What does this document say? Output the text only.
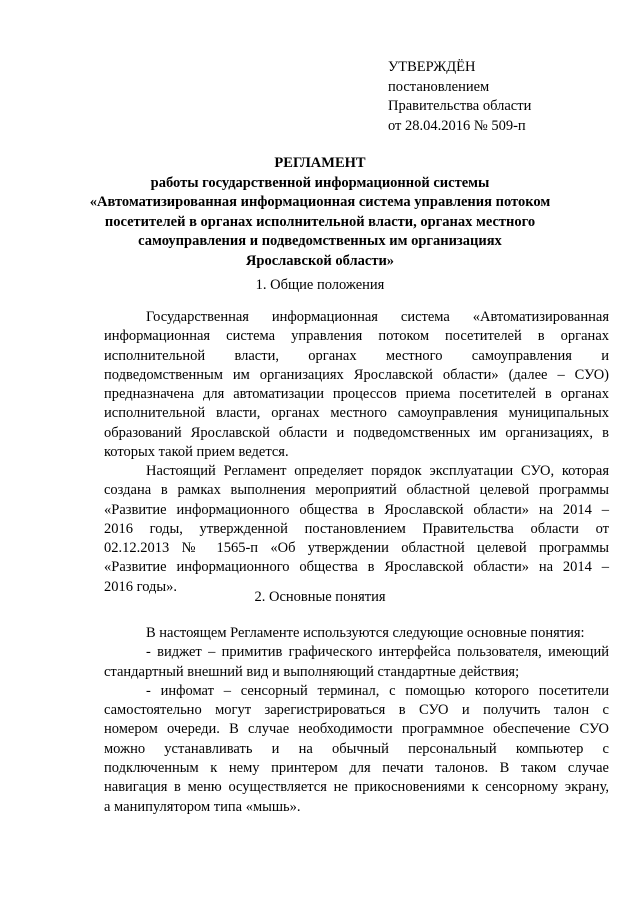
УТВЕРЖДЁН
постановлением
Правительства области
от 28.04.2016 № 509-п
РЕГЛАМЕНТ
работы государственной информационной системы
«Автоматизированная информационная система управления потоком
посетителей в органах исполнительной власти, органах местного
самоуправления и подведомственных им организациях
Ярославской области»
1. Общие положения
Государственная информационная система «Автоматизированная
информационная система управления потоком посетителей в органах
исполнительной власти, органах местного самоуправления и
подведомственным им организациях Ярославской области» (далее – СУО)
предназначена для автоматизации процессов приема посетителей в органах
исполнительной власти, органах местного самоуправления муниципальных
образований Ярославской области и подведомственных им организациях, в
которых такой прием ведется.
Настоящий Регламент определяет порядок эксплуатации СУО, которая
создана в рамках выполнения мероприятий областной целевой программы
«Развитие информационного общества в Ярославской области» на 2014 –
2016 годы, утвержденной постановлением Правительства области от
02.12.2013 № 1565-п «Об утверждении областной целевой программы
«Развитие информационного общества в Ярославской области» на 2014 –
2016 годы».
2. Основные понятия
В настоящем Регламенте используются следующие основные понятия:
- виджет – примитив графического интерфейса пользователя, имеющий
стандартный внешний вид и выполняющий стандартные действия;
- инфомат – сенсорный терминал, с помощью которого посетители
самостоятельно могут зарегистрироваться в СУО и получить талон с
номером очереди. В случае необходимости программное обеспечение СУО
можно устанавливать и на обычный персональный компьютер с
подключенным к нему принтером для печати талонов. В таком случае
навигация в меню осуществляется не прикосновениями к сенсорному экрану,
а манипулятором типа «мышь».
